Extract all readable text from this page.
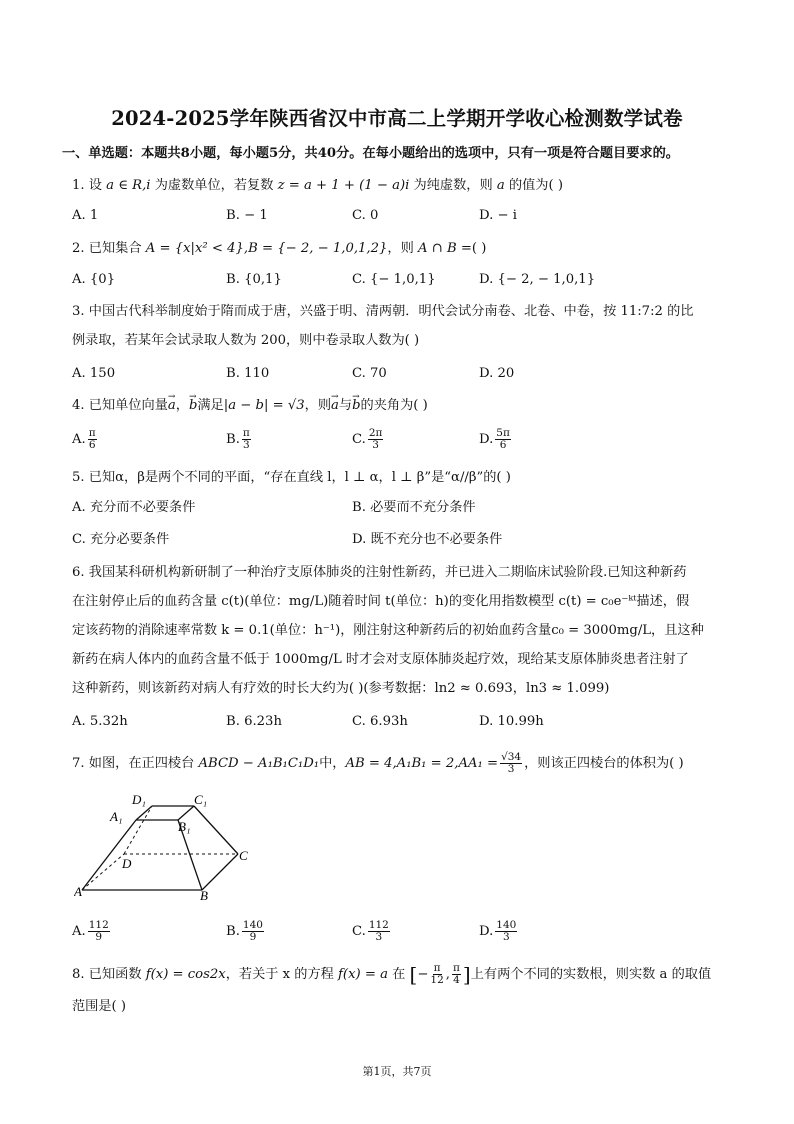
2024-2025学年陕西省汉中市高二上学期开学收心检测数学试卷
一、单选题：本题共8小题，每小题5分，共40分。在每小题给出的选项中，只有一项是符合题目要求的。
1. 设 a ∈ R,i 为虚数单位，若复数 z = a + 1 + (1 − a)i 为纯虚数，则 a 的值为( )
A. 1	B. − 1	C. 0	D. − i
2. 已知集合 A = {x|x² < 4},B = {− 2, − 1,0,1,2}，则 A ∩ B =( )
A. {0}	B. {0,1}	C. {− 1,0,1}	D. {− 2, − 1,0,1}
3. 中国古代科举制度始于隋而成于唐，兴盛于明、清两朝．明代会试分南卷、北卷、中卷，按 11:7:2 的比
例录取，若某年会试录取人数为 200，则中卷录取人数为( )
A. 150	B. 110	C. 70	D. 20
4. 已知单位向量→ a，→ b满足|a − b| = √3，则→ a与→ b的夹角为( )
A. $\frac{\pi}{6}$	B. $\frac{\pi}{3}$	C. $\frac{2\pi}{3}$	D. $\frac{5\pi}{6}$
5. 已知α，β是两个不同的平面，“存在直线 l，l ⊥ α，l ⊥ β”是“α//β”的( )
A. 充分而不必要条件	B. 必要而不充分条件
C. 充分必要条件	D. 既不充分也不必要条件
6. 我国某科研机构新研制了一种治疗支原体肺炎的注射性新药，并已进入二期临床试验阶段.已知这种新药
在注射停止后的血药含量 c(t)(单位：mg/L)随着时间 t(单位：h)的变化用指数模型 c(t) = c₀e⁻ᵏᵗ描述，假
定该药物的消除速率常数 k = 0.1(单位：h⁻¹)，刚注射这种新药后的初始血药含量c₀ = 3000mg/L，且这种
新药在病人体内的血药含量不低于 1000mg/L 时才会对支原体肺炎起疗效，现给某支原体肺炎患者注射了
这种新药，则该新药对病人有疗效的时长大约为( )(参考数据：ln2 ≈ 0.693，ln3 ≈ 1.099)
A. 5.32h	B. 6.23h	C. 6.93h	D. 10.99h
7. 如图，在正四棱台 ABCD − A₁B₁C₁D₁中，AB = $4,A_1B_1 = 2,AA_1 = \frac{√34}{3}$ ，则该正四棱台的体积为( )
D₁	C₁
A₁
B₁
D
C
A	B
A. $\frac{112}{9}$	B. $\frac{140}{9}$	C. $\frac{112}{3}$	D. $\frac{140}{3}$
8. 已知函数 f(x) = cos2x，若关于 x 的方程 f(x) = a 在 [− $\frac{\pi}{12}$ , $\frac{\pi}{4}$ ]上有两个不同的实数根，则实数 a 的取值
范围是( )
第1页，共7页
